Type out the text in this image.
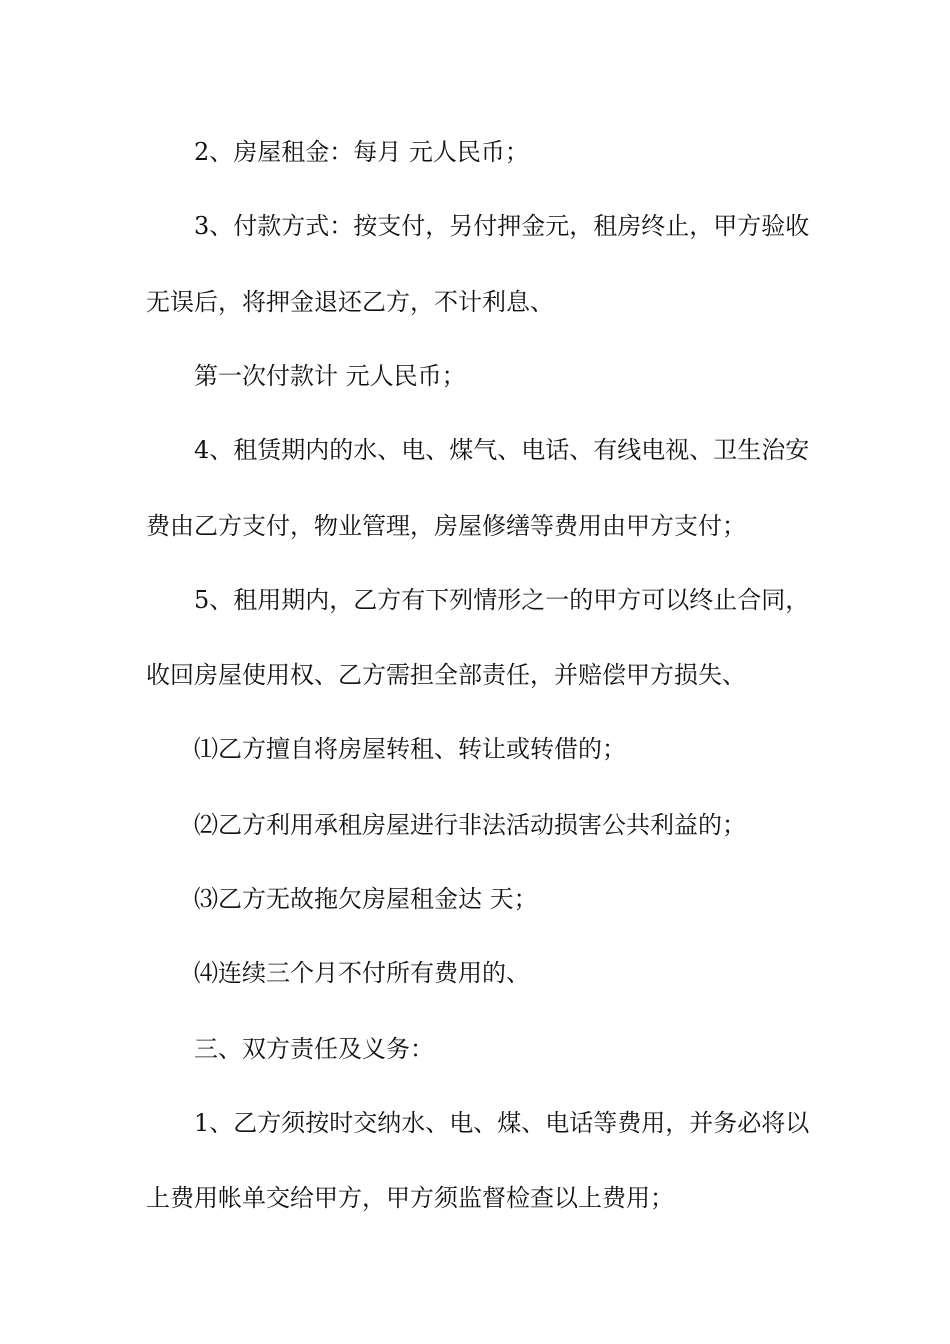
2、房屋租金：每月 元人民币；
3、付款方式：按支付，另付押金元，租房终止，甲方验收
无误后，将押金退还乙方，不计利息、
第一次付款计 元人民币；
4、租赁期内的水、电、煤气、电话、有线电视、卫生治安
费由乙方支付，物业管理，房屋修缮等费用由甲方支付；
5、租用期内，乙方有下列情形之一的甲方可以终止合同，
收回房屋使用权、乙方需担全部责任，并赔偿甲方损失、
⑴乙方擅自将房屋转租、转让或转借的；
⑵乙方利用承租房屋进行非法活动损害公共利益的；
⑶乙方无故拖欠房屋租金达 天；
⑷连续三个月不付所有费用的、
三、双方责任及义务：
1、乙方须按时交纳水、电、煤、电话等费用，并务必将以
上费用帐单交给甲方，甲方须监督检查以上费用；
